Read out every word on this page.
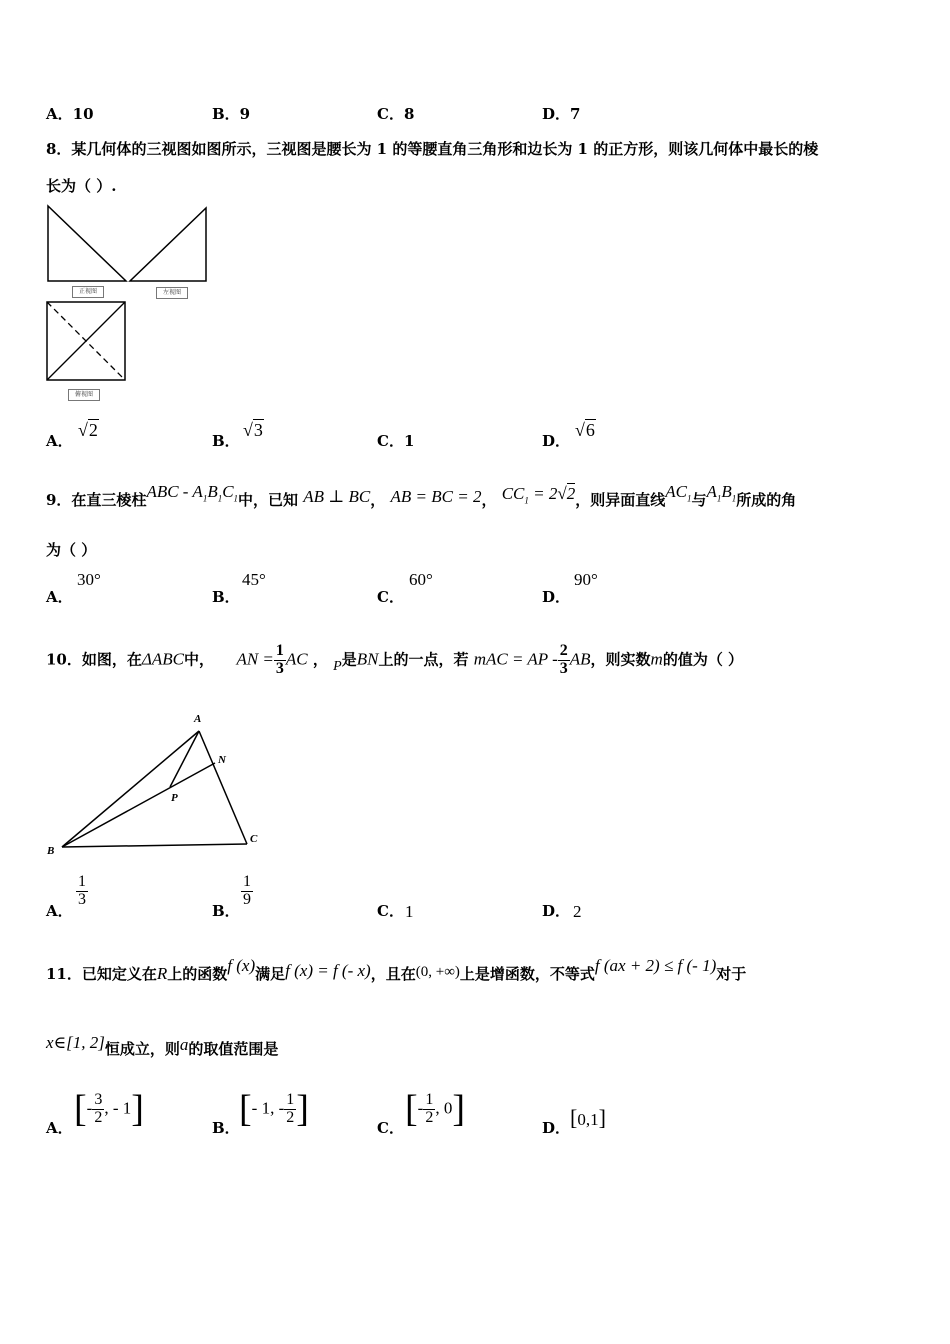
A．10	B．9	C．8	D．7
8．某几何体的三视图如图所示，三视图是腰长为 1 的等腰直角三角形和边长为 1 的正方形，则该几何体中最长的棱
长为（ ）.
正视图	左视图
俯视图
A．
√2
B．
√3
C．1	D．
√6
9．在直三棱柱ABC - $A_1B_1C_1$中，已知 AB ⊥ BC， AB = BC = 2， $CC_1 = 2√2$，则异面直线$AC_1$与$A_1B_1$所成的角
为（ ）
A．
30°
B．
45°
C．
60°
D．
90°
10．如图，在ΔABC中， AN = $\frac{1}{3}$ AC ， P是BN上的一点，若 mAC = AP - $\frac{2}{3}$ AB，则实数m的值为（ ）
A
B
C
N
P
A．
$\frac{1}{3}$
B．
$\frac{1}{9}$
C． 1	D． 2
11．已知定义在R上的函数f (x)满足f (x) = f (- x)，且在(0, +∞)上是增函数，不等式f (ax + 2) ≤ f (- 1)对于
x∈[1, 2]恒成立，则a的取值范围是
A． [- $\frac{3}{2}$ , - 1]	B． [- 1, - $\frac{1}{2}$ ]	C． [- $\frac{1}{2}$ , 0]	D． [0,1]
